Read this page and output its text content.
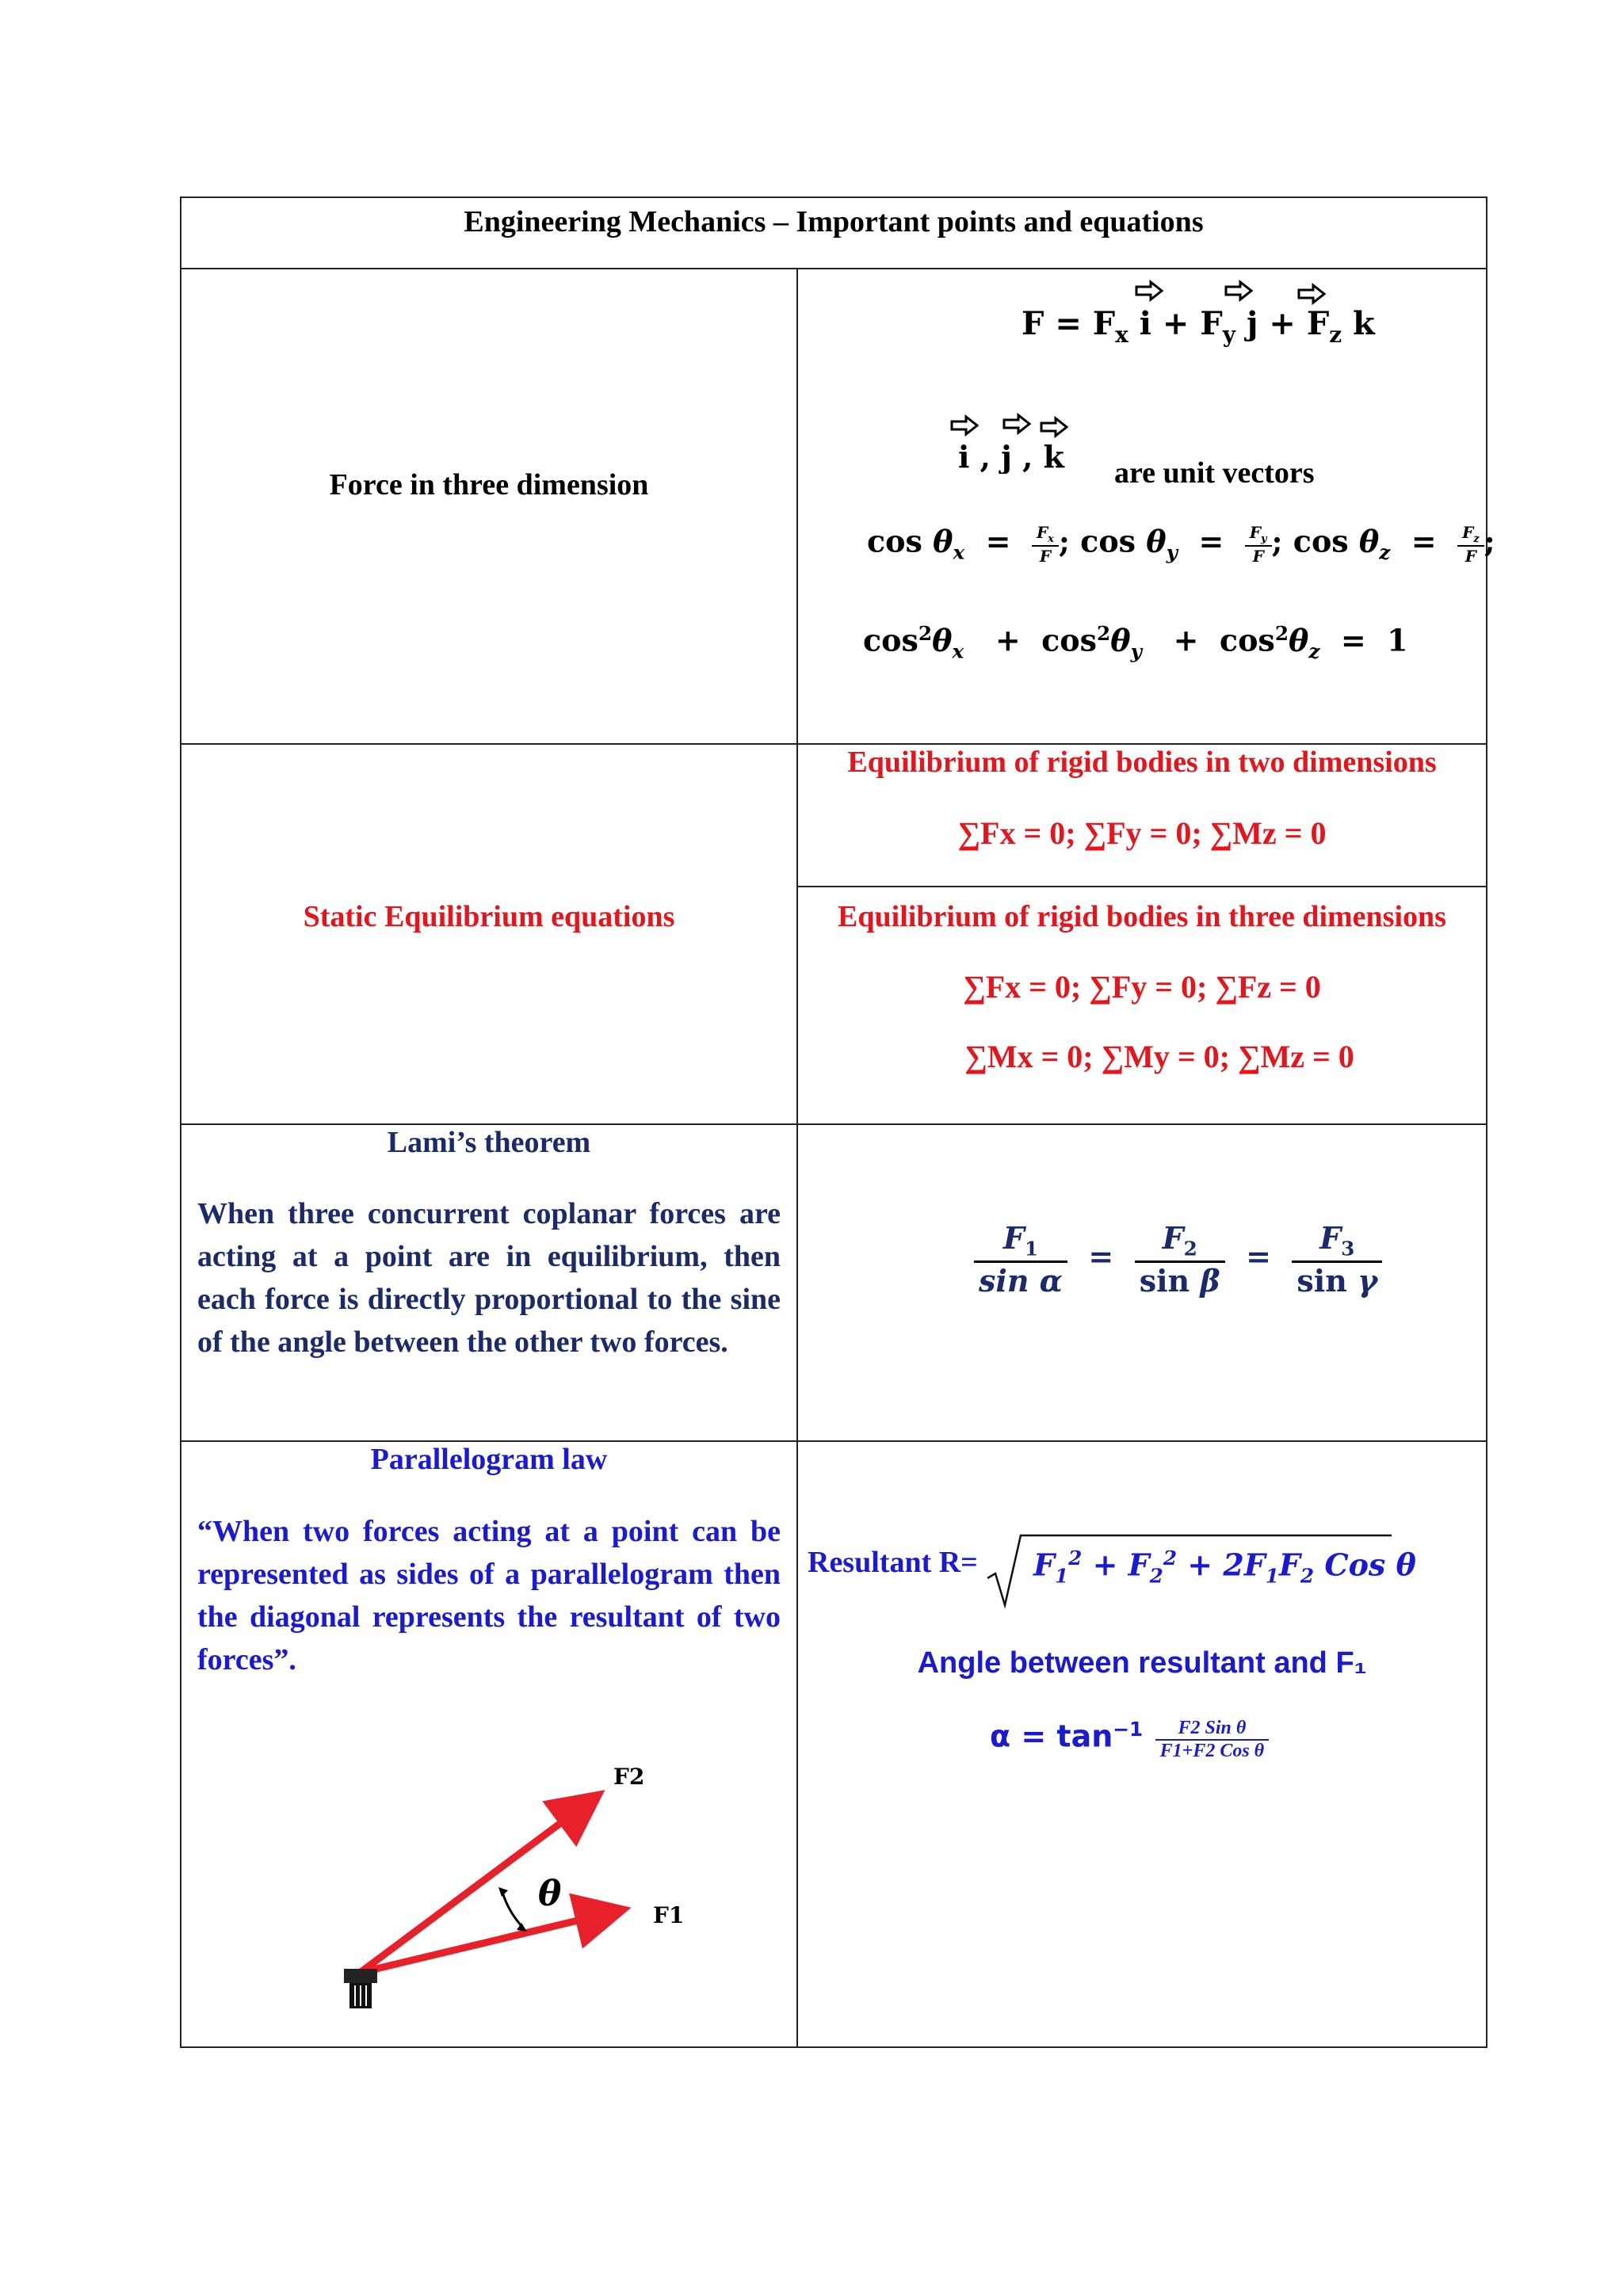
Engineering Mechanics – Important points and equations
Force in three dimension
$F = F_x$ $i + F_y$ $j + F_z$ k
i , j , k are unit vectors
$\cos \theta_x = \frac{F_x}{F}$ ; $\cos \theta_y = \frac{F_y}{F}$ ; $\cos \theta_z = \frac{F_z}{F}$ ;
$\cos^2\theta_x + \cos^2\theta_y + \cos^2\theta_z = 1$
Static Equilibrium equations
Equilibrium of rigid bodies in two dimensions
∑Fx = 0; ∑Fy = 0; ∑Mz = 0
Equilibrium of rigid bodies in three dimensions
∑Fx = 0; ∑Fy = 0; ∑Fz = 0
∑Mx = 0; ∑My = 0; ∑Mz = 0
Lami’s theorem
When three concurrent coplanar forces are acting at a point are in equilibrium, then each force is directly proportional to the sine of the angle between the other two forces.
$\frac{F_1}{\text{sin α}} = \frac{F_2}{\text{sin β}} = \frac{F_3}{\text{sin γ}}$
Parallelogram law
“When two forces acting at a point can be represented as sides of a parallelogram then the diagonal represents the resultant of two forces”.
θ
F2
F1
Resultant $R= F_1^2 + F_2^2 + 2F_1F_2$ Cos θ
Angle between resultant and F₁
$\alpha = \tan^{-1} \frac{\text{F2 Sin θ}}{\text{F1+F2 Cos θ}}$
